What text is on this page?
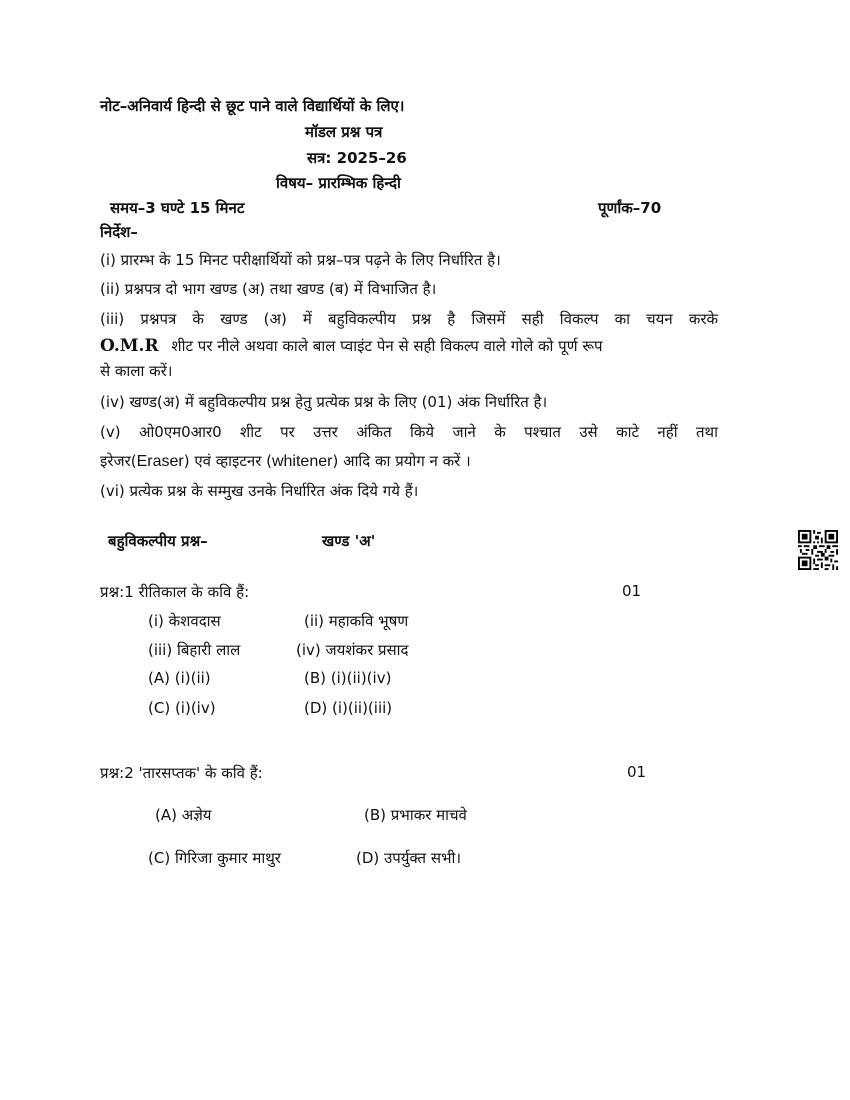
नोट–अनिवार्य हिन्दी से छूट पाने वाले विद्यार्थियों के लिए।
मॉडल प्रश्न पत्र
सत्र: 2025–26
विषय– प्रारम्भिक हिन्दी
समय–3 घण्टे 15 मिनट	पूर्णांक–70
निर्देश–
(i) प्रारम्भ के 15 मिनट परीक्षार्थियों को प्रश्न–पत्र पढ़ने के लिए निर्धारित है।
(ii) प्रश्नपत्र दो भाग खण्ड (अ) तथा खण्ड (ब) में विभाजित है।
(iii) प्रश्नपत्र के खण्ड (अ) में बहुविकल्पीय प्रश्न है जिसमें सही विकल्प का चयन करके
O.M.R शीट पर नीले अथवा काले बाल प्वाइंट पेन से सही विकल्प वाले गोले को पूर्ण रूप
से काला करें।
(iv) खण्ड(अ) में बहुविकल्पीय प्रश्न हेतु प्रत्येक प्रश्न के लिए (01) अंक निर्धारित है।
(v) ओ0एम0आर0 शीट पर उत्तर अंकित किये जाने के पश्चात उसे काटे नहीं तथा
इरेजर(Eraser) एवं व्हाइटनर (whitener) आदि का प्रयोग न करें ।
(vi) प्रत्येक प्रश्न के सम्मुख उनके निर्धारित अंक दिये गये हैं।
बहुविकल्पीय प्रश्न–	खण्ड 'अ'
प्रश्न:1 रीतिकाल के कवि हैं:	01
(i) केशवदास	(ii) महाकवि भूषण
(iii) बिहारी लाल	(iv) जयशंकर प्रसाद
(A) (i)(ii)	(B) (i)(ii)(iv)
(C) (i)(iv)	(D) (i)(ii)(iii)
प्रश्न:2 'तारसप्तक' के कवि हैं:	01
(A) अज्ञेय	(B) प्रभाकर माचवे
(C) गिरिजा कुमार माथुर	(D) उपर्युक्त सभी।
